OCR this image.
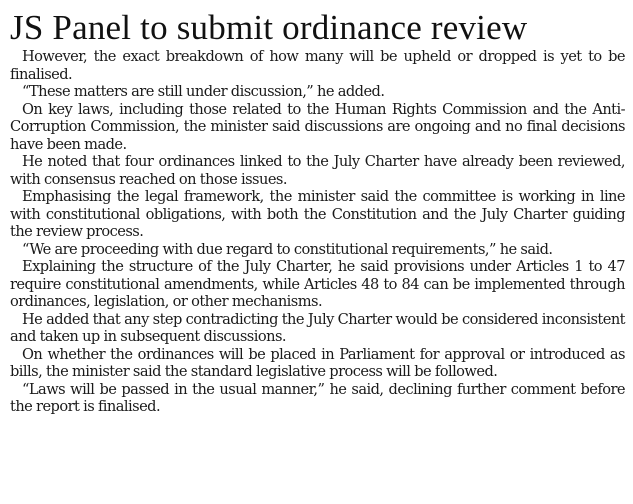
JS Panel to submit ordinance review

However, the exact breakdown of how many will be upheld or dropped is yet to be finalised.

“These matters are still under discussion,” he added.

On key laws, including those related to the Human Rights Commission and the Anti-Corruption Commission, the minister said discussions are ongoing and no final decisions have been made.

He noted that four ordinances linked to the July Charter have already been reviewed, with consensus reached on those issues.

Emphasising the legal framework, the minister said the committee is working in line with constitutional obligations, with both the Constitution and the July Charter guiding the review process.

“We are proceeding with due regard to constitutional requirements,” he said.

Explaining the structure of the July Charter, he said provisions under Articles 1 to 47 require constitutional amendments, while Articles 48 to 84 can be implemented through ordinances, legislation, or other mechanisms.

He added that any step contradicting the July Charter would be considered inconsistent and taken up in subsequent discussions.

On whether the ordinances will be placed in Parliament for approval or introduced as bills, the minister said the standard legislative process will be followed.

“Laws will be passed in the usual manner,” he said, declining further comment before the report is finalised.
